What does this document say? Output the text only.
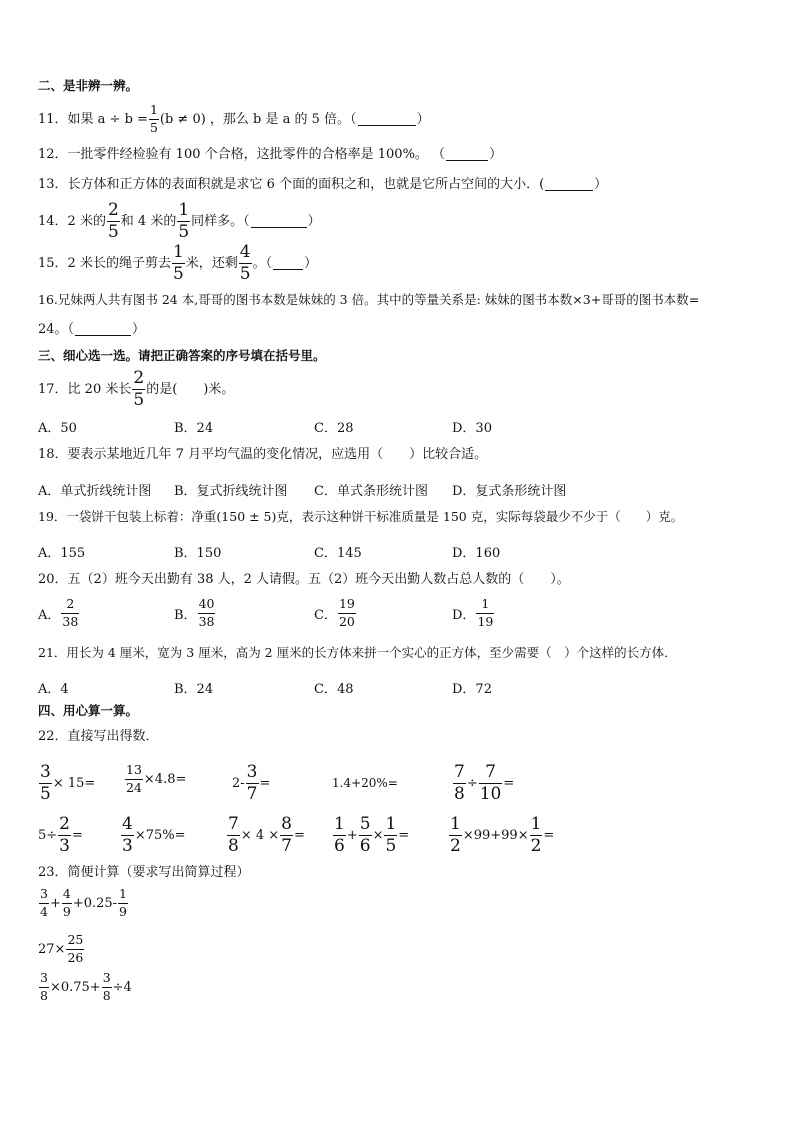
二、是非辨一辨。
11．如果 a ÷ b =
1
5
(b ≠ 0) ，那么 b 是 a 的 5 倍。（	）
12．一批零件经检验有 100 个合格，这批零件的合格率是 100%。 （	）
13．长方体和正方体的表面积就是求它 6 个面的面积之和，也就是它所占空间的大小．(	）
14．2 米的
2
5
和 4 米的
1
5
同样多。（	）
15．2 米长的绳子剪去
1
5
米，还剩
4
5
。（ ）
16.兄妹两人共有图书 24 本,哥哥的图书本数是妹妹的 3 倍。其中的等量关系是: 妹妹的图书本数×3+哥哥的图书本数=
24。（	）
三、细心选一选。请把正确答案的序号填在括号里。
17．比 20 米长
2
5
的是(　　)米。
A．50	B．24	C．28	D．30
18．要表示某地近几年 7 月平均气温的变化情况，应选用（　　）比较合适。
A．单式折线统计图 B．复式折线统计图 C．单式条形统计图 D．复式条形统计图
19．一袋饼干包装上标着：净重(150 ± 5)克，表示这种饼干标准质量是 150 克，实际每袋最少不少于（　　）克。
A．155	B．150	C．145	D．160
20．五（2）班今天出勤有 38 人，2 人请假。五（2）班今天出勤人数占总人数的（　　）。
A．
2
38	B．
40
38	C．
19
20	D．
1
19
21．用长为 4 厘米，宽为 3 厘米，高为 2 厘米的长方体来拼一个实心的正方体，至少需要（　）个这样的长方体．
A．4	B．24	C．48	D．72
四、用心算一算。
22．直接写出得数．
3
5
× 15=
13
24
×4.8=	2-
3
7
=	1.4+20%=
7
8
÷
7
10
=
5÷
2
3
=
4
3
×75%=
7
8
× 4 ×
8
7
=
1
6
+
5
6
×
1
5
=
1
2
×99+99×
1
2
=
23．简便计算（要求写出简算过程）
3
4
+
4
9
+0.25-
1
9
27×
25
26
3
8
×0.75+
3
8
÷4
